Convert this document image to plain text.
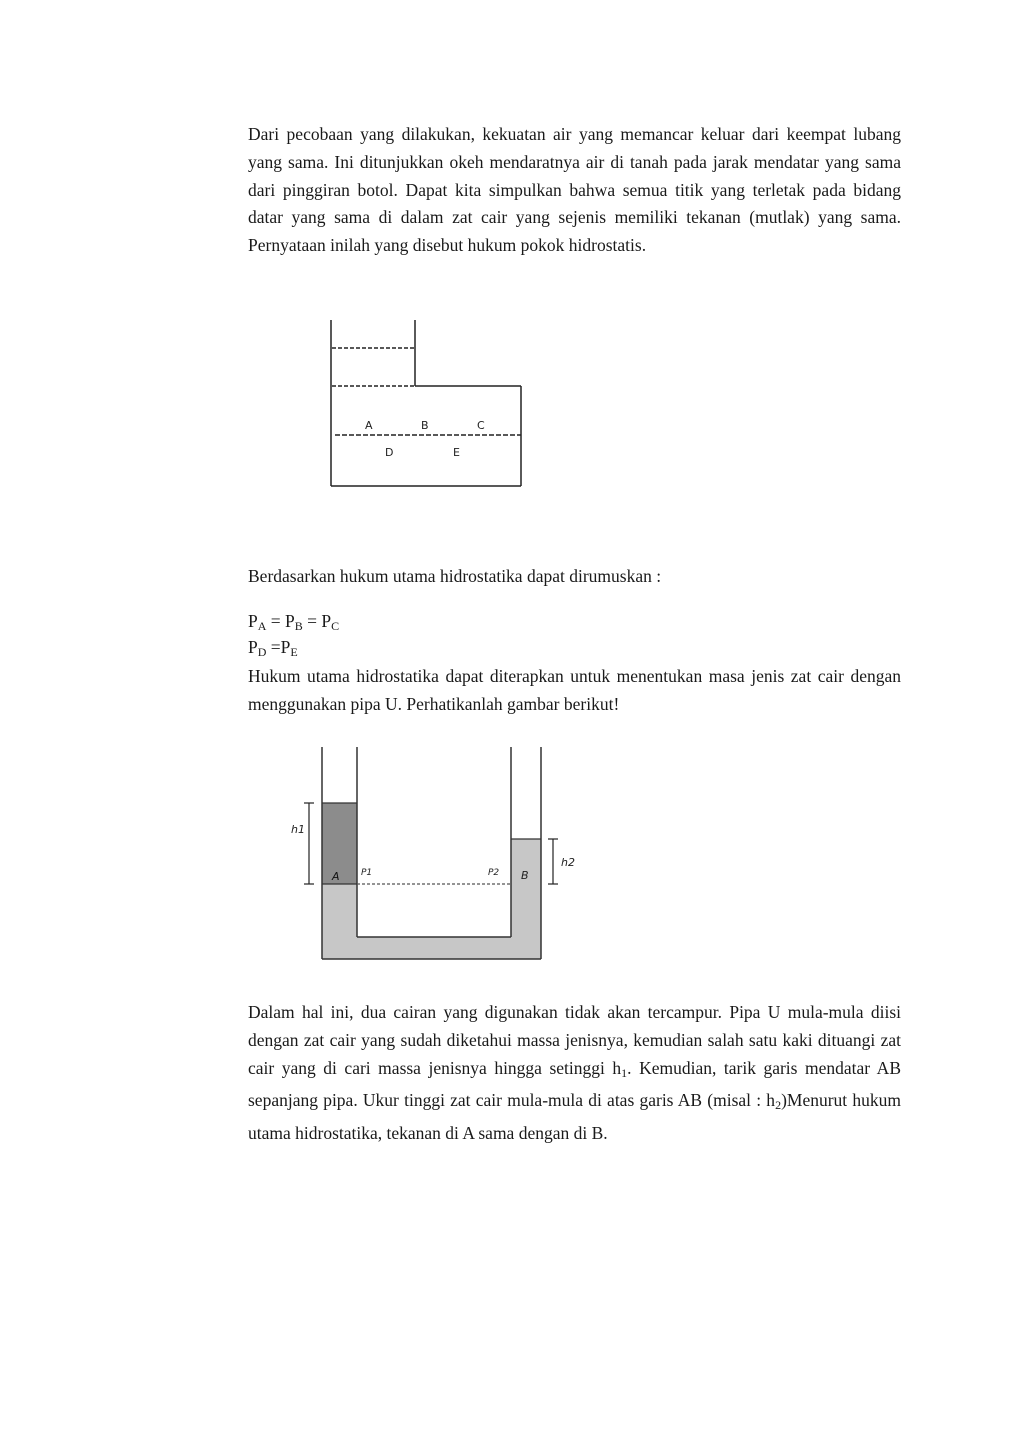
Dari pecobaan yang dilakukan, kekuatan air yang memancar keluar dari keempat lubang yang sama. Ini ditunjukkan okeh mendaratnya air di tanah pada jarak mendatar yang sama dari pinggiran botol. Dapat kita simpulkan bahwa semua titik yang terletak pada bidang datar yang sama di dalam zat cair yang sejenis memiliki tekanan (mutlak) yang sama. Pernyataan inilah yang disebut hukum pokok hidrostatis.

A	B	C
D	E

Berdasarkan hukum utama hidrostatika dapat dirumuskan :

$P_A = P_B = P_C$
$P_D =P_E$

Hukum utama hidrostatika dapat diterapkan untuk menentukan masa jenis zat cair dengan menggunakan pipa U. Perhatikanlah gambar berikut!

h1
h2
A P1	P2 B

Dalam hal ini, dua cairan yang digunakan tidak akan tercampur. Pipa U mula-mula diisi dengan zat cair yang sudah diketahui massa jenisnya, kemudian salah satu kaki dituangi zat cair yang di cari massa jenisnya hingga setinggi $h_1$. Kemudian, tarik garis mendatar AB sepanjang pipa. Ukur tinggi zat cair mula-mula di atas garis AB (misal : $h_2)Menurut$ hukum utama hidrostatika, tekanan di A sama dengan di B.
